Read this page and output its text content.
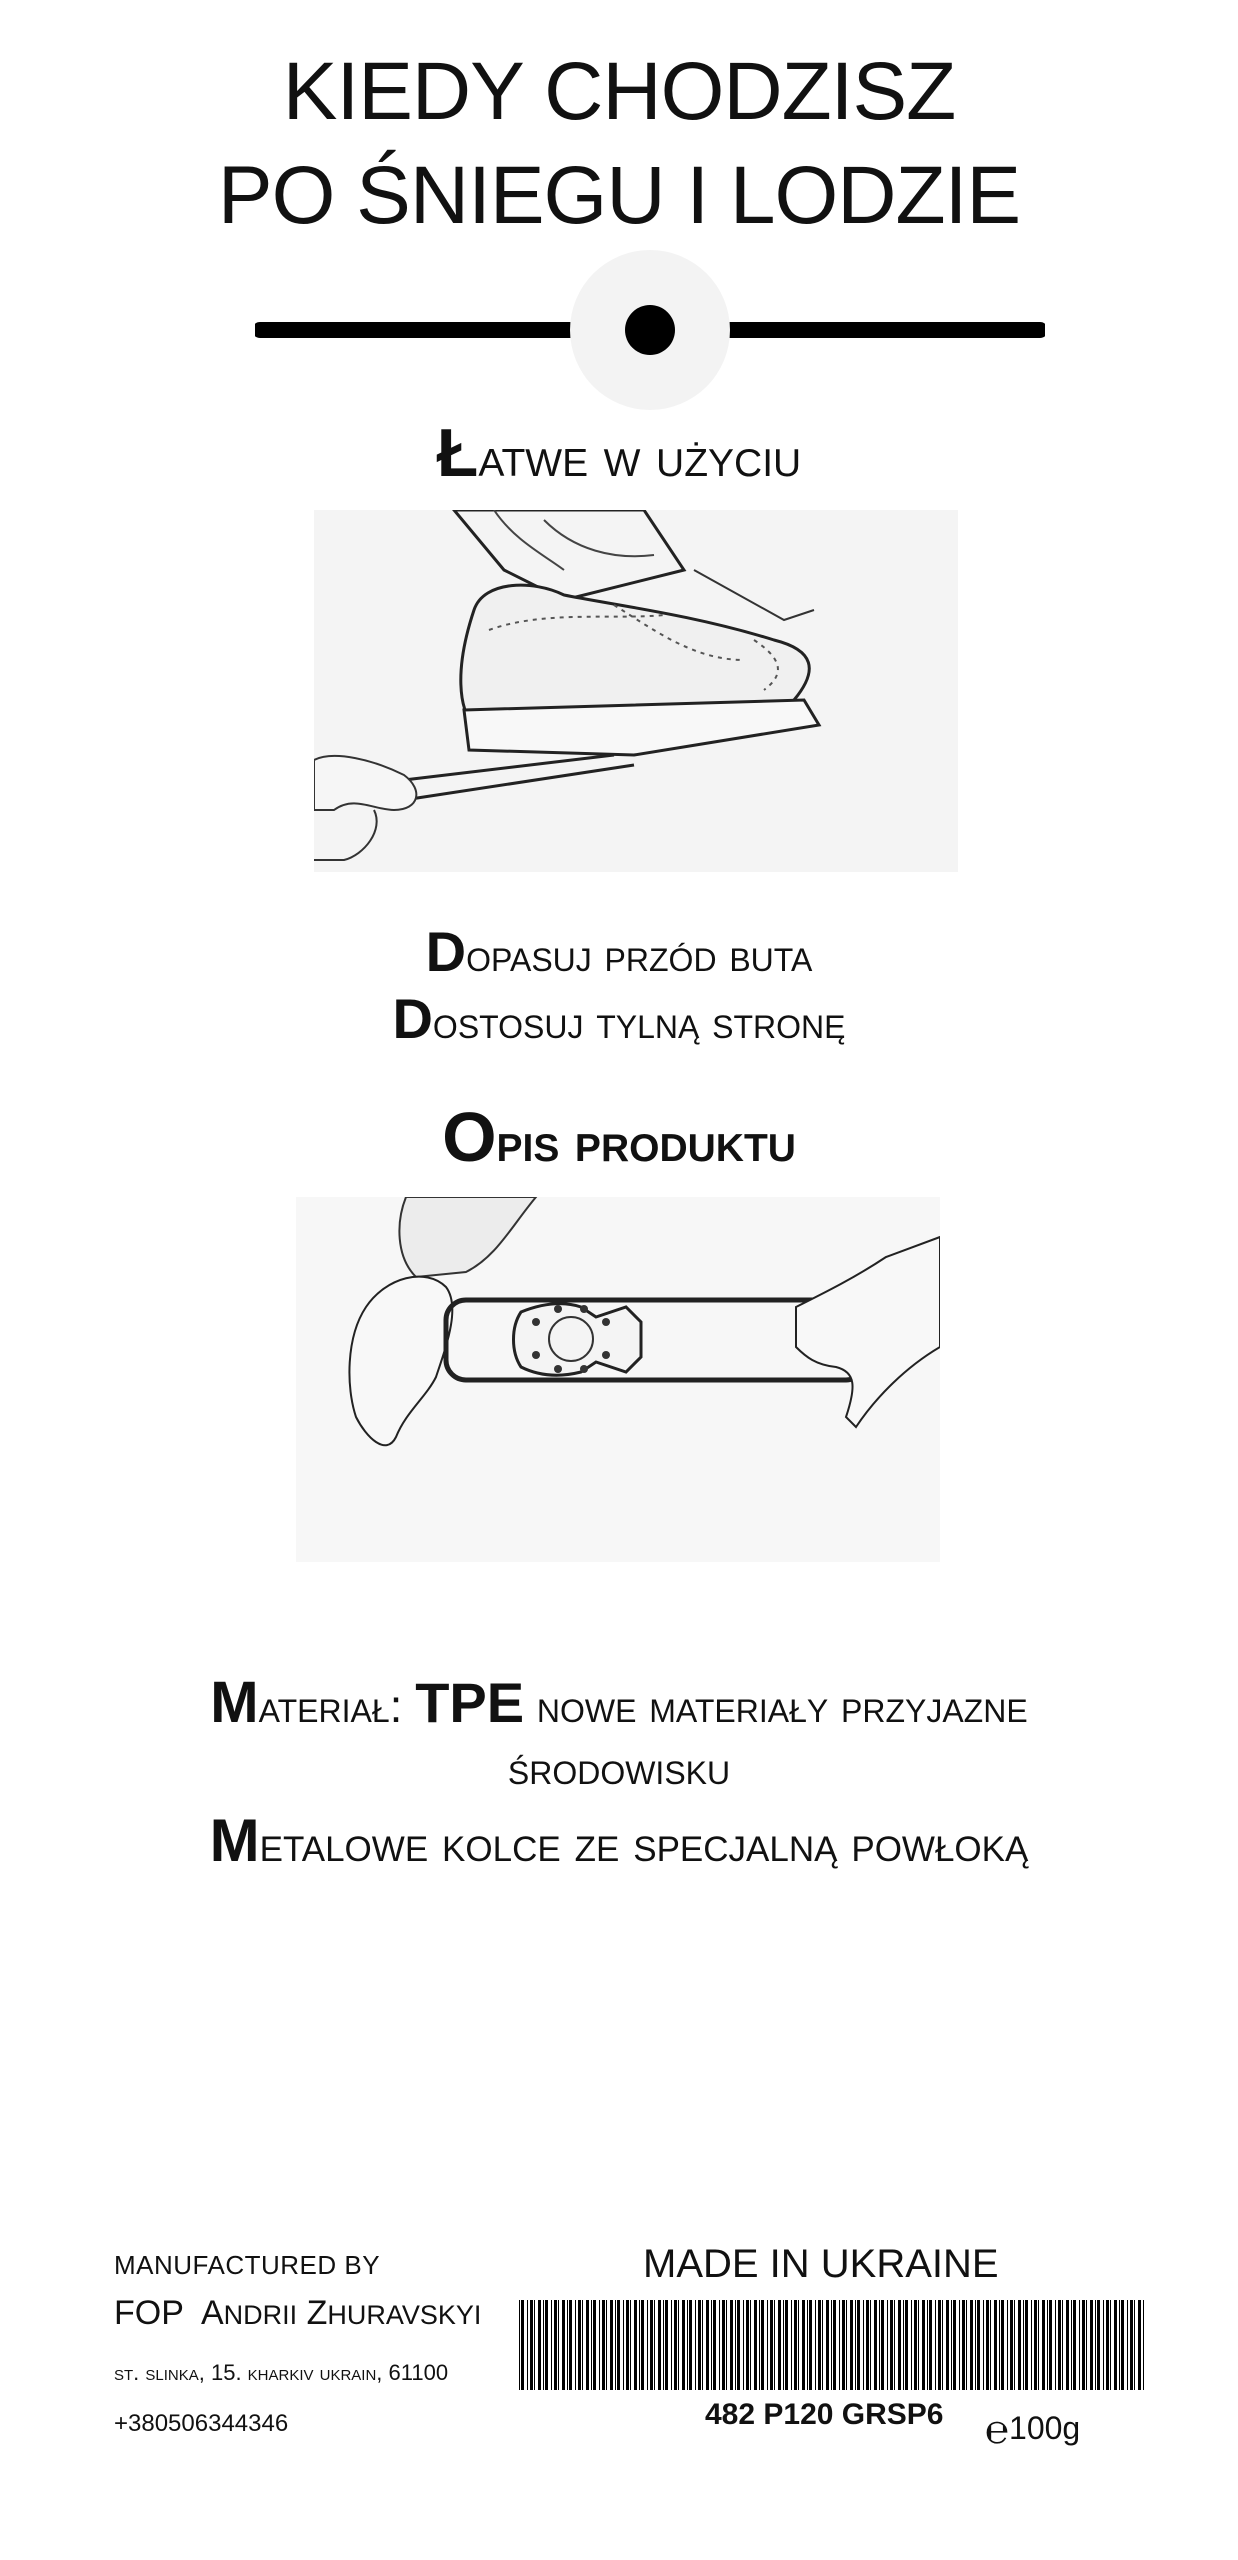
KIEDY CHODZISZ
PO ŚNIEGU I LODZIE
Łatwe w użyciu
Dopasuj przód buta
Dostosuj tylną stronę
Opis produktu
Materiał: TPE nowe materiały przyjazne
środowisku
Metalowe kolce ze specjalną powłoką
MANUFACTURED BY
FOP ANDRII ZHURAVSKYI
st. slinka, 15. kharkiv ukrain, 61100
+380506344346
MADE IN UKRAINE
482 P120 GRSP6 ℮100g
